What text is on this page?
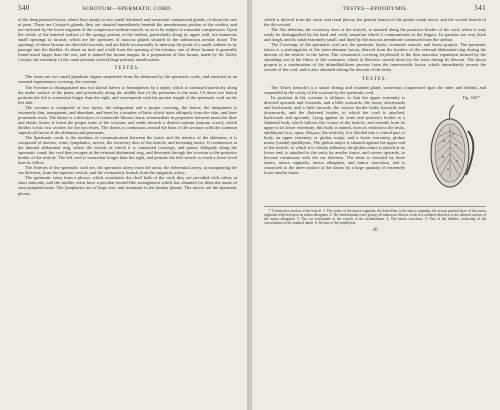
540	SCROTUM—SPERMATIC CORD.

of the deep perineal fascia, where they ramify in two small lobulated and somewhat compressed glands, of about the size of peas. These are Cowper's glands; they are situated immediately beneath the membranous portion of the urethra, and are enclosed by the lower segment of the compressor urethræ muscle, so as to be subject to muscular compression. Upon the whole of the internal surface of the spongy portion of the urethra, particularly along its upper wall, are numerous small openings or lacunæ, which are the apertures of mucous glands situated in the submucous areolar tissue. The openings of these lacunæ are directed forwards, and are liable occasionally to intercept the point of a small catheter in its passage into the bladder. At about an inch and a half from the opening of the meatus, one of these lacunæ is generally found much larger than the rest, and is named the lacuna magna. In a preparation of this lacuna, made by Sir Astley Cooper, the extremity of the canal presents several large primary ramifications.

TESTES.

The testes are two small glandular organs suspended from the abdomen by the spermatic cords, and enclosed in an external tegumentary covering, the scrotum.

The Scrotum is distinguished into two lateral halves or hemispheres by a raphe, which is continued anteriorly along the under surface of the penis, and posteriorly along the middle line of the perineum to the anus. Of these two lateral portions the left is somewhat longer than the right, and corresponds with the greater length of the spermatic cord on the left side.

The scrotum is composed of two layers, the integument and a proper covering, the dartos; the integument is extremely thin, transparent, and abundant, and beset by a number of hairs which issue obliquely from the skin, and have prominent roots. The dartos is a thin layer of contractile fibrous tissue, intermediate in properties between muscular fibre and elastic tissue; it forms the proper tunic of the scrotum, and sends inwards a distinct septum (septum scroti), which divides it into two cavities for the two testes. The dartos is continuous around the base of the scrotum with the common superficial fascia of the abdomen and perineum.

The Spermatic cords is the medium of communication between the testes and the interior of the abdomen; it is composed of arteries, veins, lymphatics, nerves, the excretory duct of the testicle, and investing tunics. It commences at the internal abdominal ring, where the vessels of which it is composed converge, and passes obliquely along the spermatic canal; the cord then escapes at the external abdominal ring, and descends through the scrotum to the posterior border of the testicle. The left cord is somewhat longer than the right, and permits the left testicle to reach a lower level than its fellow.

The Arteries of the spermatic cord are, the spermatic artery from the aorta; the deferential artery, accompanying the vas deferens, from the superior vesical; and the cremasteric branch from the epigastric artery.

The spermatic veins form a plexus, which constitutes the chief bulk of the cord; they are provided with valves at short intervals, and the smaller veins have a peculiar tendril-like arrangement which has obtained for them the name of vasa pampiniformia. The lymphatics are of large size, and terminate in the lumbar glands. The nerves are the spermatic plexus,

TESTES—EPIDIDYMIS.	541

which is derived from the aortic and renal plexus, the genital branch of the genito-crural nerve, and the scrotal branch of the ilio-scrotal.

The Vas deferens, the excretory duct of the testicle, is situated along the posterior border of the cord, where it may easily be distinguished by the hard and cordy sensation which it communicates to the fingers. Its parietes are very thick and tough, and its canal extremely small, and lined by the mucous membrane continued from the urethra.

The Coverings of the spermatic cord are, the spermatic fascia, cremaster muscle, and fascia propria. The spermatic fascia is a prolongation of the intercolumnar fascia, derived from the borders of the external abdominal ring during the descent of the testicle in the fœtus. The cremasteric covering (erythroid) is the thin muscular expansion formed by the spreading out of the fibres of the cremaster, which is likewise carried down by the testis during its descent. The fascia propria is a continuation of the infundibuliform process from the transversalis fascia, which immediately invests the vessels of the cord, and is also obtained during the descent of the testis.

TESTES.

The Testes (testicle) is a small oblong and rounded gland, somewhat compressed upon the sides and behind, and suspended in the cavity of the scrotum by the spermatic cord.

Fig. 338.*

Its position in the scrotum is oblique; so that the upper extremity is directed upwards and forwards, and a little outwards; the lower, downwards and backwards, and a little inwards; the convex border looks forwards and downwards, and the flattened border, to which the cord is attached, backwards and upwards. Lying against its outer and posterior border is a flattened body which follows the course of the testicle, and extends from its upper to its lower extremity; this body is named, from its relation to the testis, epididymis (επι, upon, δίδυμος, the testicle); it is divided into a central part or body, an upper extremity or globus major, and a lower extremity, globus minor (cauda) epididymis. The globus major is situated against the upper end of the testicle, to which it is closely adherent; the globus minor is placed at its lower end, is attached to the testis by areolar tissue, and curves upwards, to become continuous with the vas deferens. The testis is invested by three tunics, tunica vaginalis, tunica albuginea, and tunica vasculosa, and is connected to the inner surface of the dartos by a large quantity of extremely loose areolar tissue.

* A transverse section of the testicle. 1. The cavity of the tunica vaginalis; the dotted line is the tunica vaginalis; the serous parietal layer of the tunica vaginalis reflected upon its tunica albuginea. 2. The mediastinum testis giving off numerous fibrous cords in a radiated direction to the internal surface of the tunica albuginea. 3. The cut extremities of the vessels of the mediastinum. 4. The tunica vasculosa. 5. One of the lobules, consisting of the convolutions of the seminal tubuli. 6. Section of the epididymis.

46
